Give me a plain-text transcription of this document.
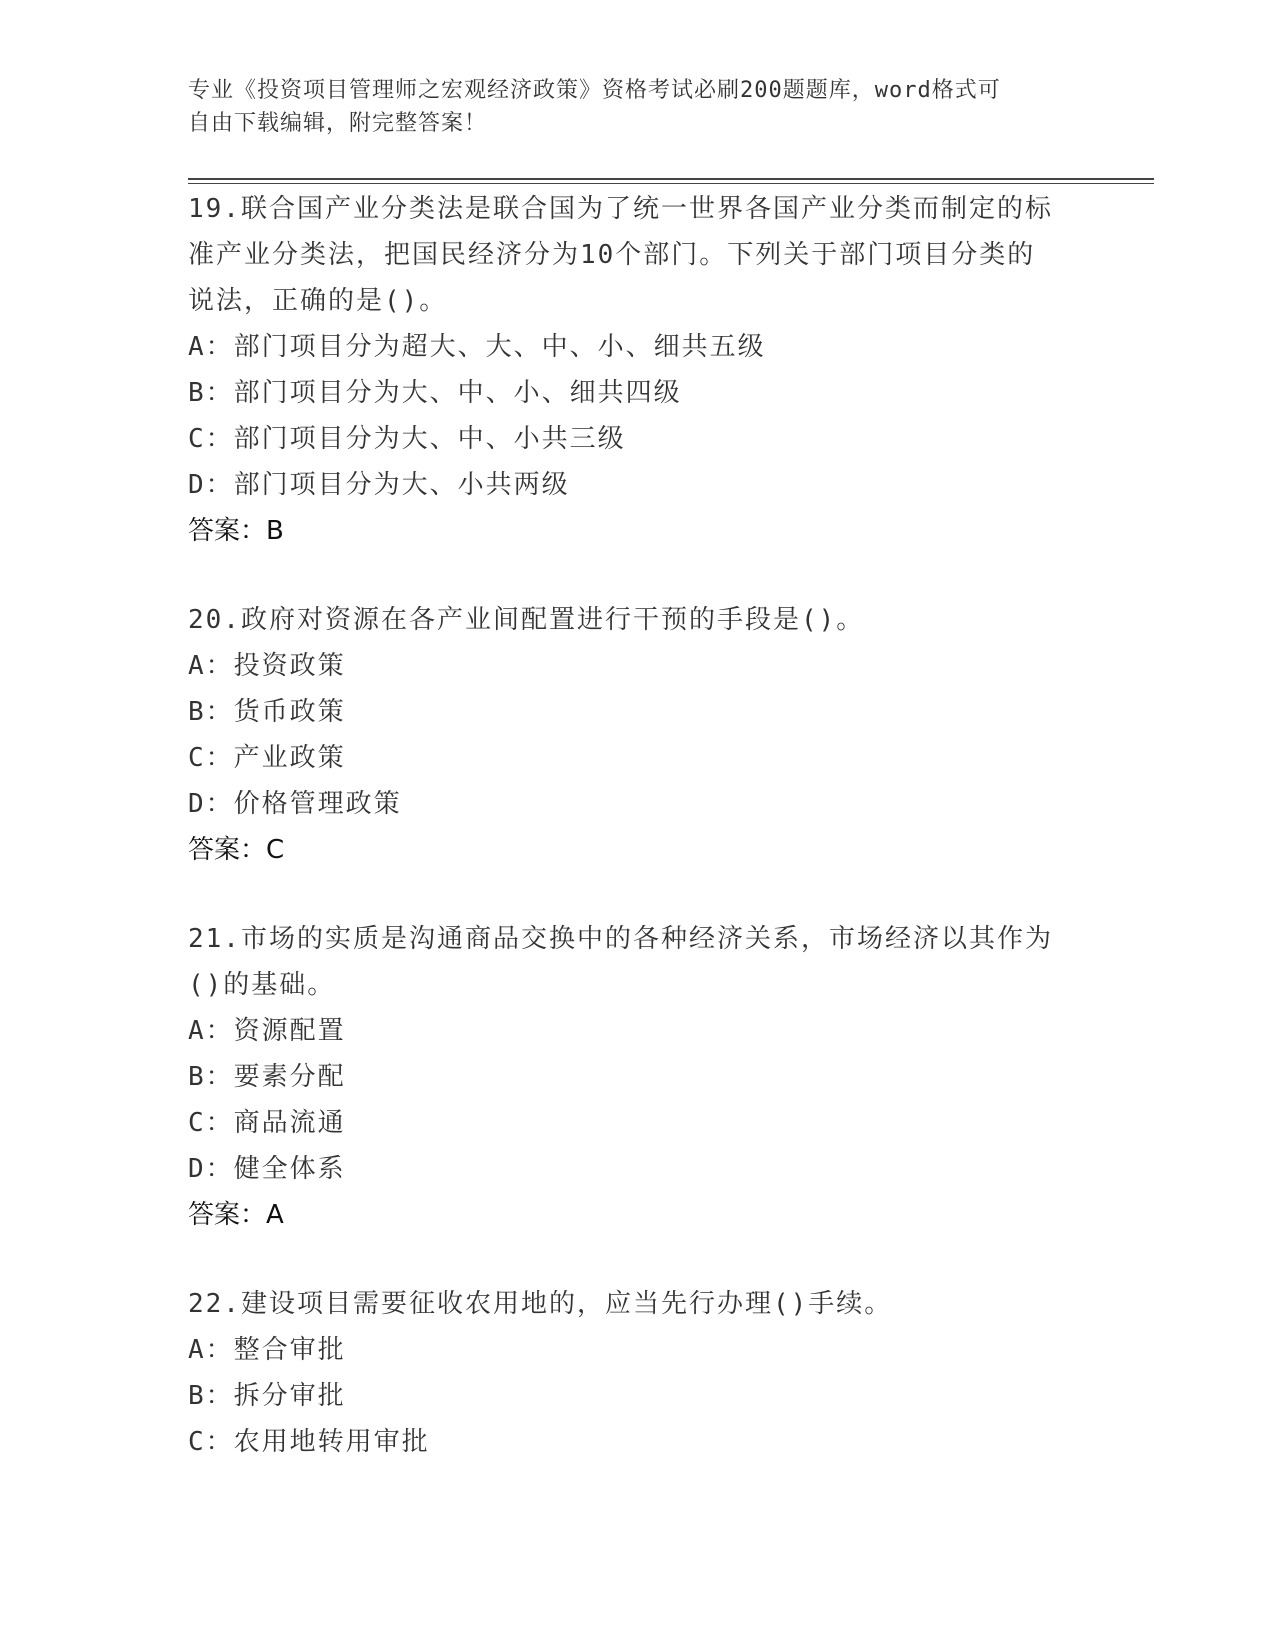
专业《投资项目管理师之宏观经济政策》资格考试必刷200题题库，word格式可
自由下载编辑，附完整答案！
19.联合国产业分类法是联合国为了统一世界各国产业分类而制定的标
准产业分类法，把国民经济分为10个部门。下列关于部门项目分类的
说法，正确的是()。
A：部门项目分为超大、大、中、小、细共五级
B：部门项目分为大、中、小、细共四级
C：部门项目分为大、中、小共三级
D：部门项目分为大、小共两级
答案：B
20.政府对资源在各产业间配置进行干预的手段是()。
A：投资政策
B：货币政策
C：产业政策
D：价格管理政策
答案：C
21.市场的实质是沟通商品交换中的各种经济关系，市场经济以其作为
()的基础。
A：资源配置
B：要素分配
C：商品流通
D：健全体系
答案：A
22.建设项目需要征收农用地的，应当先行办理()手续。
A：整合审批
B：拆分审批
C：农用地转用审批
